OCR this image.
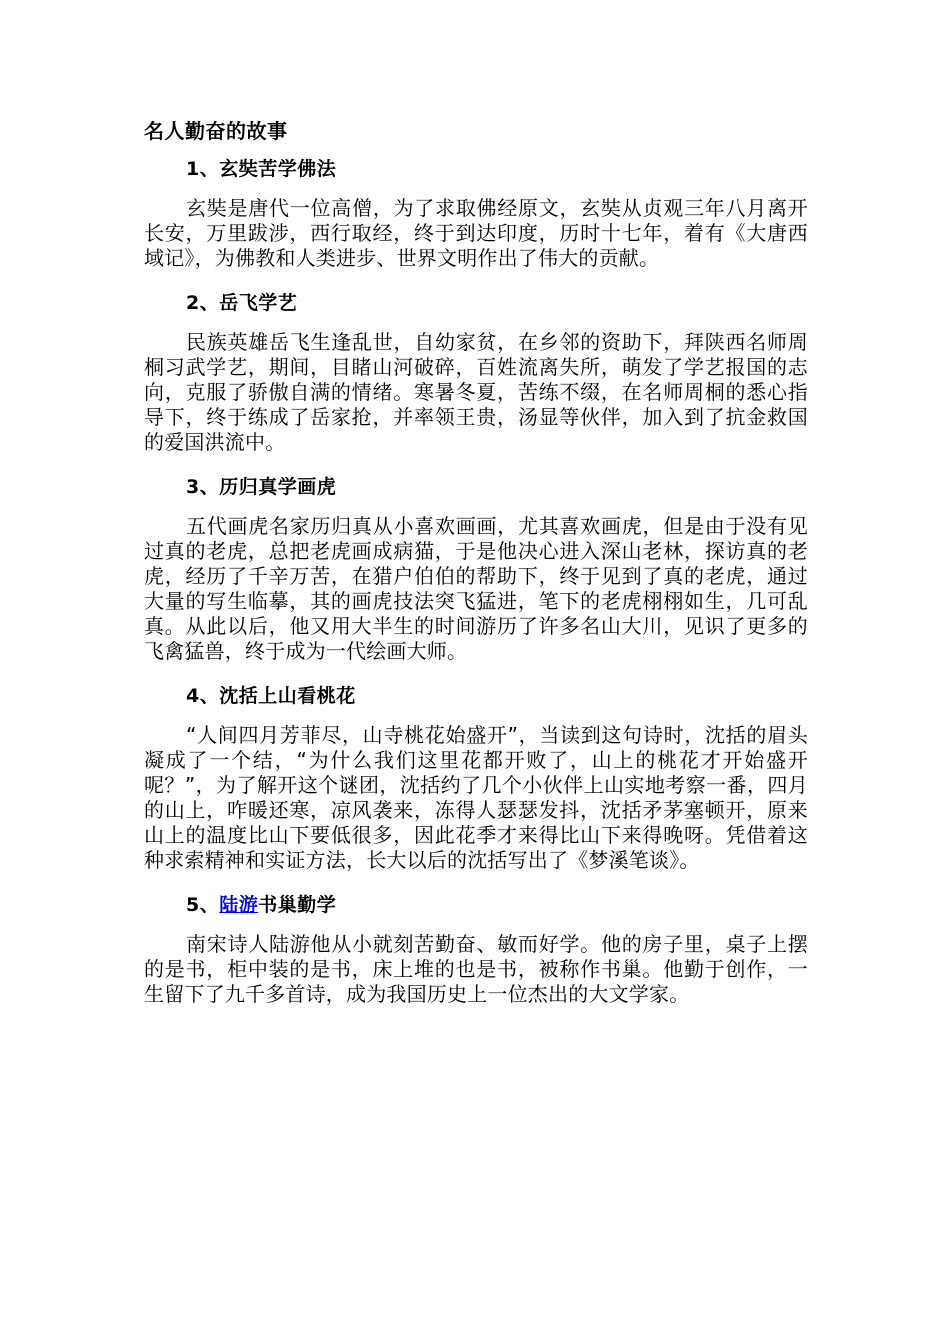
名人勤奋的故事
1、玄奘苦学佛法
玄奘是唐代一位高僧，为了求取佛经原文，玄奘从贞观三年八月离开长安，万里跋涉，西行取经，终于到达印度，历时十七年，着有《大唐西域记》，为佛教和人类进步、世界文明作出了伟大的贡献。
2、岳飞学艺
民族英雄岳飞生逢乱世，自幼家贫，在乡邻的资助下，拜陕西名师周桐习武学艺，期间，目睹山河破碎，百姓流离失所，萌发了学艺报国的志向，克服了骄傲自满的情绪。寒暑冬夏，苦练不缀，在名师周桐的悉心指导下，终于练成了岳家抢，并率领王贵，汤显等伙伴，加入到了抗金救国的爱国洪流中。
3、历归真学画虎
五代画虎名家历归真从小喜欢画画，尤其喜欢画虎，但是由于没有见过真的老虎，总把老虎画成病猫，于是他决心进入深山老林，探访真的老虎，经历了千辛万苦，在猎户伯伯的帮助下，终于见到了真的老虎，通过大量的写生临摹，其的画虎技法突飞猛进，笔下的老虎栩栩如生，几可乱真。从此以后，他又用大半生的时间游历了许多名山大川，见识了更多的飞禽猛兽，终于成为一代绘画大师。
4、沈括上山看桃花
“人间四月芳菲尽，山寺桃花始盛开”，当读到这句诗时，沈括的眉头凝成了一个结，“为什么我们这里花都开败了，山上的桃花才开始盛开呢？”，为了解开这个谜团，沈括约了几个小伙伴上山实地考察一番，四月的山上，咋暖还寒，凉风袭来，冻得人瑟瑟发抖，沈括矛茅塞顿开，原来山上的温度比山下要低很多，因此花季才来得比山下来得晚呀。凭借着这种求索精神和实证方法，长大以后的沈括写出了《梦溪笔谈》。
5、陆游书巢勤学
南宋诗人陆游他从小就刻苦勤奋、敏而好学。他的房子里，桌子上摆的是书，柜中装的是书，床上堆的也是书，被称作书巢。他勤于创作，一生留下了九千多首诗，成为我国历史上一位杰出的大文学家。
